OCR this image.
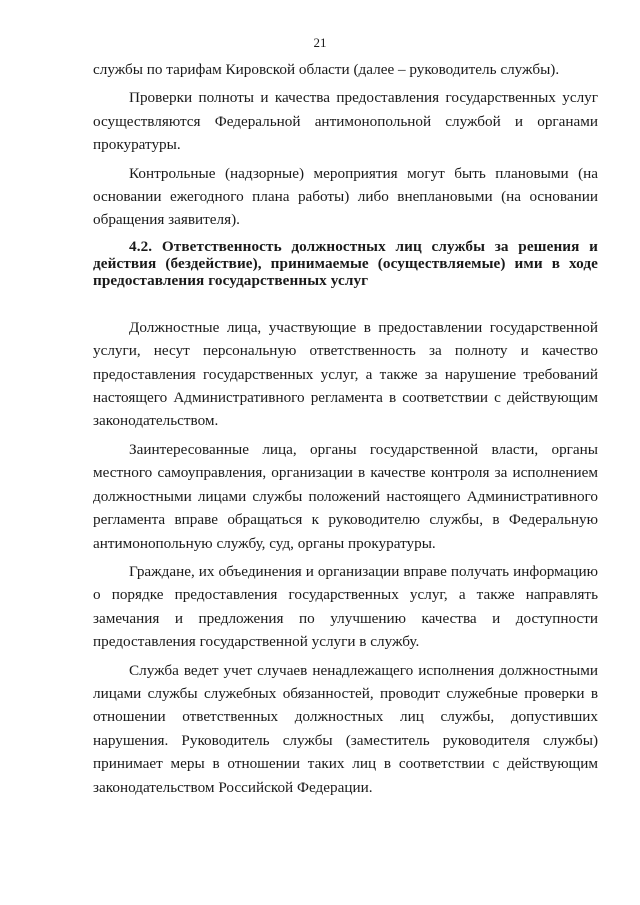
21

службы по тарифам Кировской области (далее – руководитель службы).

Проверки полноты и качества предоставления государственных услуг осуществляются Федеральной антимонопольной службой и органами прокуратуры.

Контрольные (надзорные) мероприятия могут быть плановыми (на основании ежегодного плана работы) либо внеплановыми (на основании обращения заявителя).

4.2. Ответственность должностных лиц службы за решения и действия (бездействие), принимаемые (осуществляемые) ими в ходе предоставления государственных услуг

Должностные лица, участвующие в предоставлении государственной услуги, несут персональную ответственность за полноту и качество предоставления государственных услуг, а также за нарушение требований настоящего Административного регламента в соответствии с действующим законодательством.

Заинтересованные лица, органы государственной власти, органы местного самоуправления, организации в качестве контроля за исполнением должностными лицами службы положений настоящего Административного регламента вправе обращаться к руководителю службы, в Федеральную антимонопольную службу, суд, органы прокуратуры.

Граждане, их объединения и организации вправе получать информацию о порядке предоставления государственных услуг, а также направлять замечания и предложения по улучшению качества и доступности предоставления государственной услуги в службу.

Служба ведет учет случаев ненадлежащего исполнения должностными лицами службы служебных обязанностей, проводит служебные проверки в отношении ответственных должностных лиц службы, допустивших нарушения. Руководитель службы (заместитель руководителя службы) принимает меры в отношении таких лиц в соответствии с действующим законодательством Российской Федерации.
